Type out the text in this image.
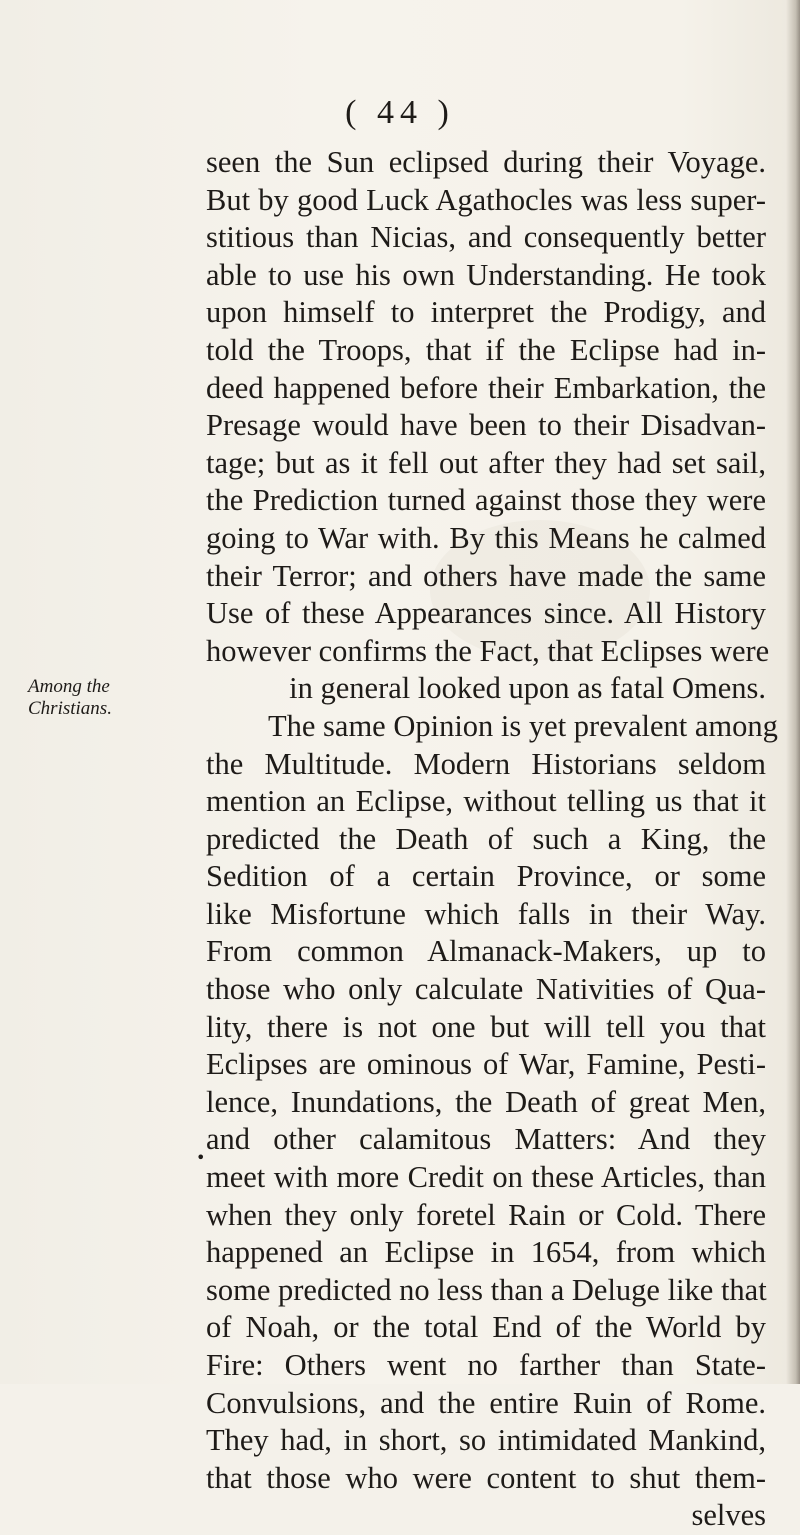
( 44 )
Among the Christians.
•
seen the Sun eclipsed during their Voyage.
But by good Luck Agathocles was less super-
stitious than Nicias, and consequently better
able to use his own Understanding. He took
upon himself to interpret the Prodigy, and
told the Troops, that if the Eclipse had in-
deed happened before their Embarkation, the
Presage would have been to their Disadvan-
tage; but as it fell out after they had set sail,
the Prediction turned against those they were
going to War with. By this Means he calmed
their Terror; and others have made the same
Use of these Appearances since. All History
however confirms the Fact, that Eclipses were
in general looked upon as fatal Omens.
The same Opinion is yet prevalent among
the Multitude. Modern Historians seldom
mention an Eclipse, without telling us that it
predicted the Death of such a King, the
Sedition of a certain Province, or some
like Misfortune which falls in their Way.
From common Almanack-Makers, up to
those who only calculate Nativities of Qua-
lity, there is not one but will tell you that
Eclipses are ominous of War, Famine, Pesti-
lence, Inundations, the Death of great Men,
and other calamitous Matters: And they
meet with more Credit on these Articles, than
when they only foretel Rain or Cold. There
happened an Eclipse in 1654, from which
some predicted no less than a Deluge like that
of Noah, or the total End of the World by
Fire: Others went no farther than State-
Convulsions, and the entire Ruin of Rome.
They had, in short, so intimidated Mankind,
that those who were content to shut them-
selves
